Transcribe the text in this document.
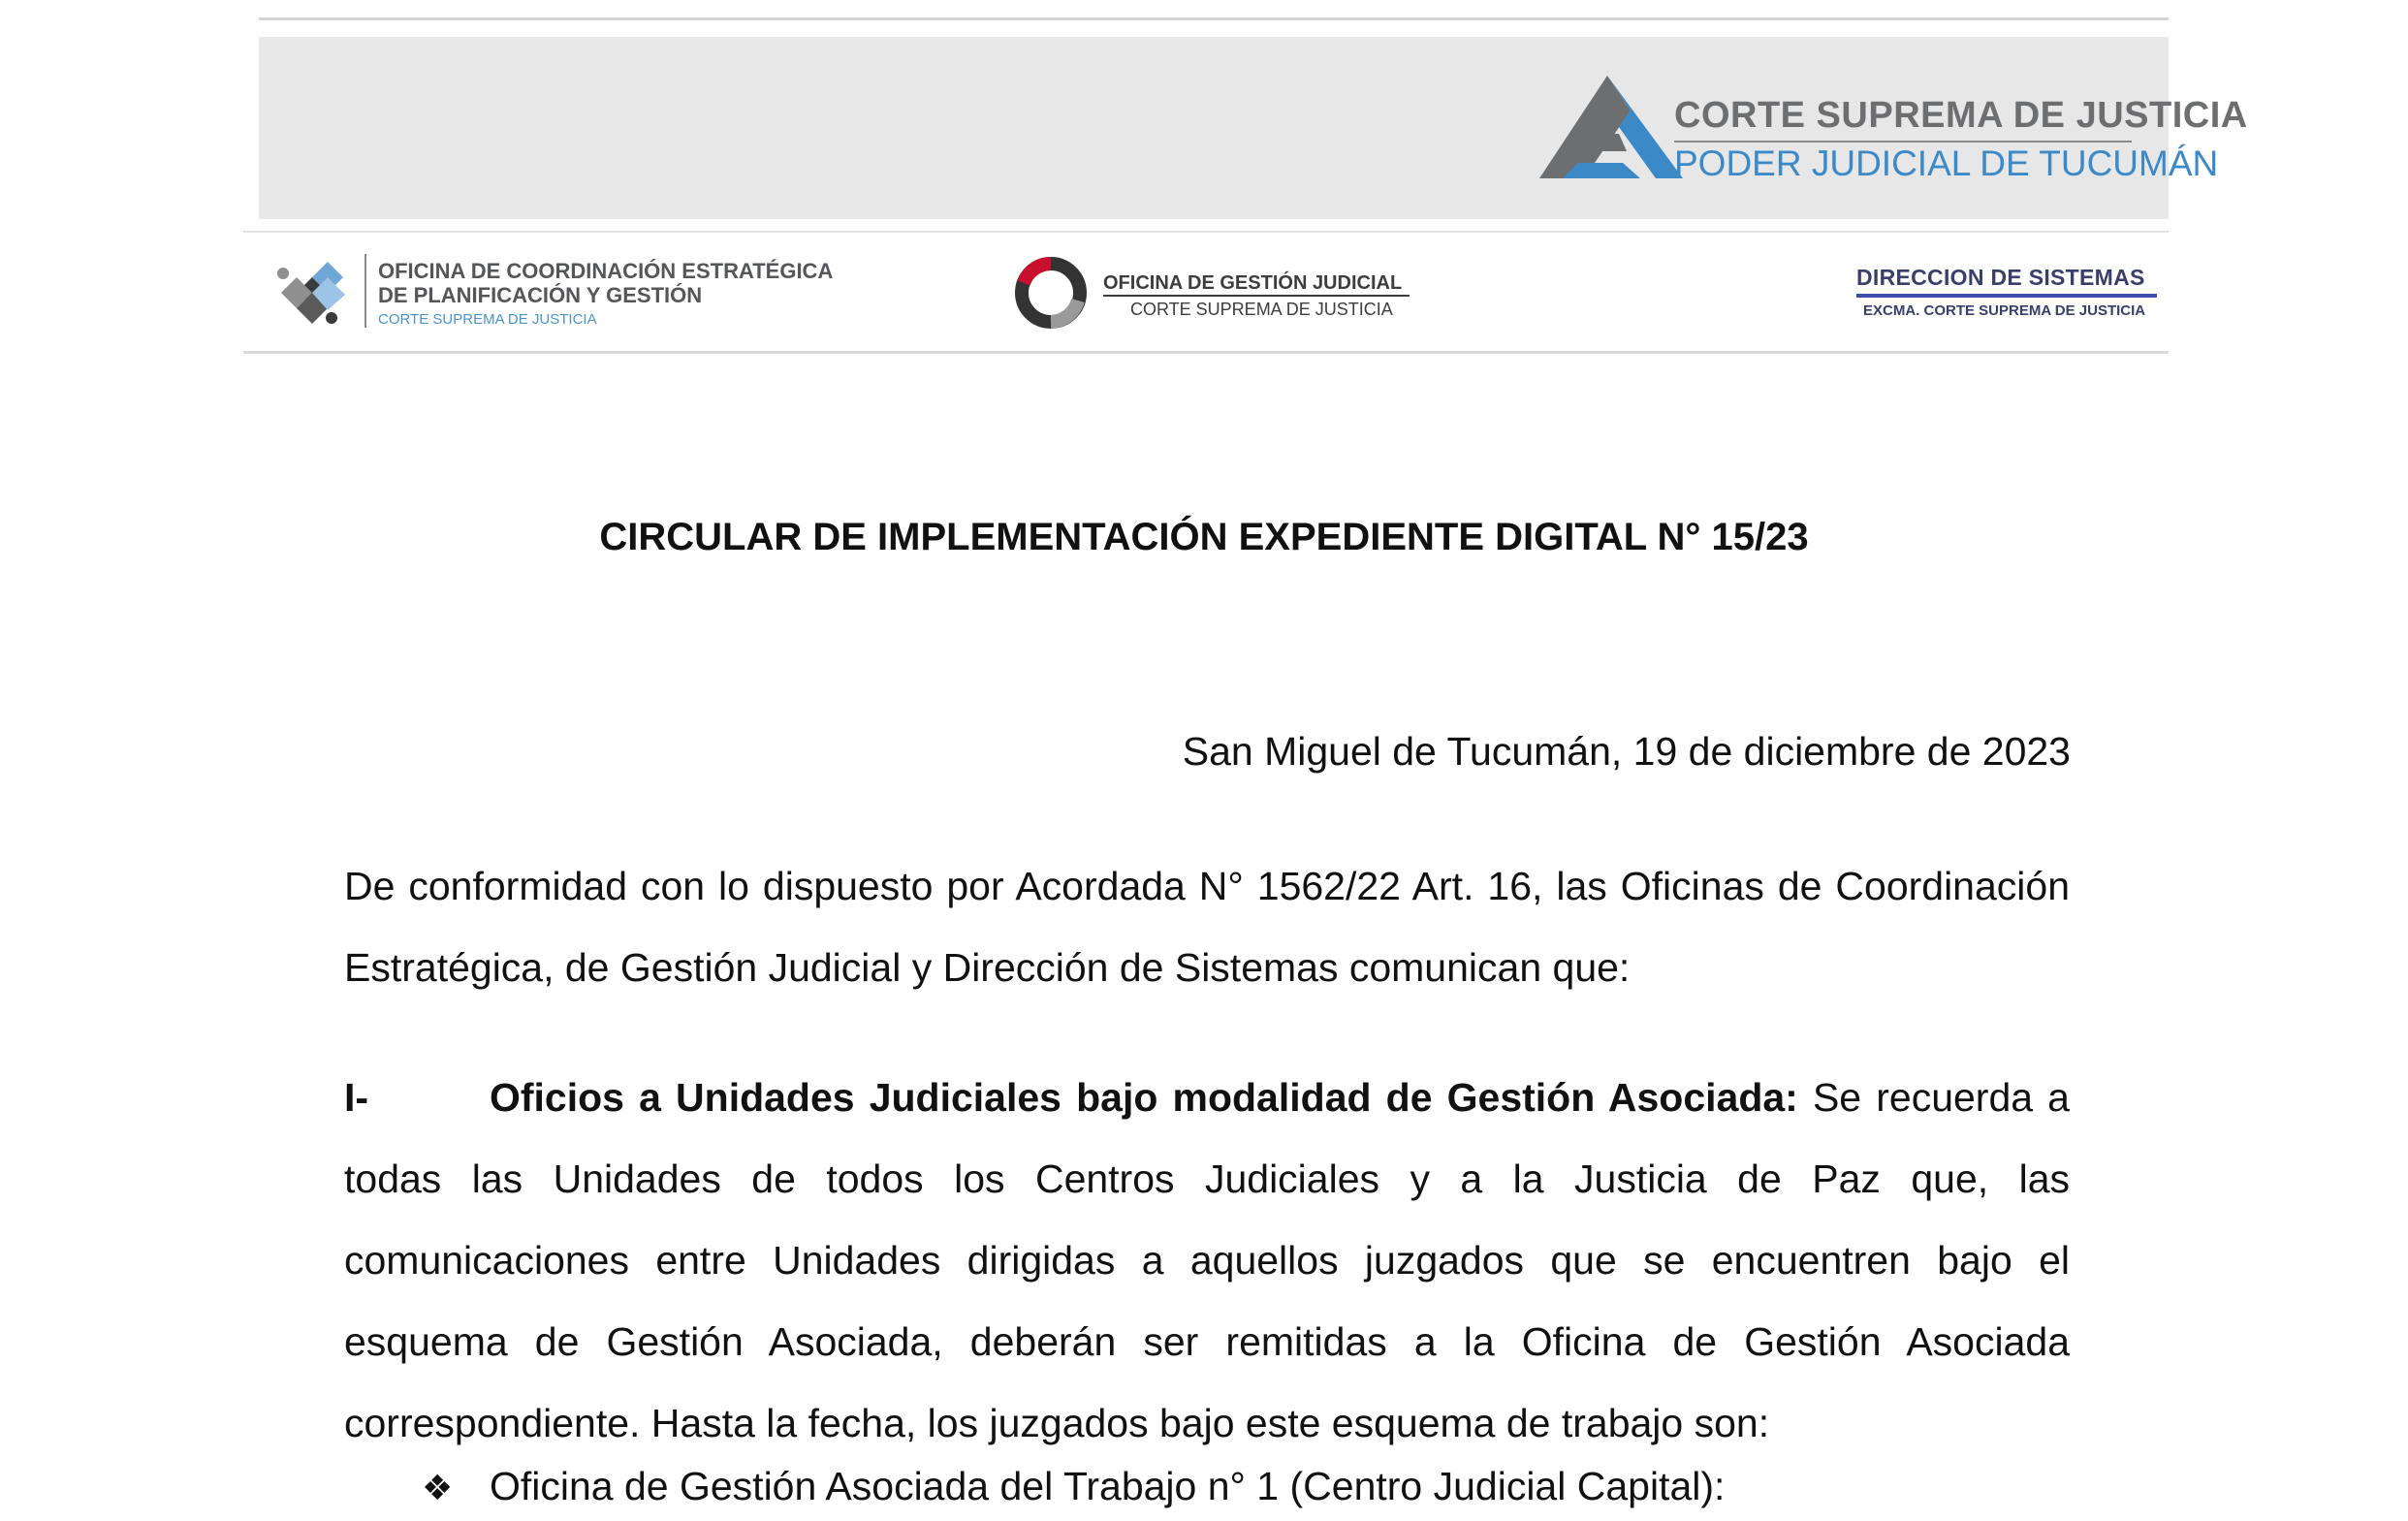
CORTE SUPREMA DE JUSTICIA
PODER JUDICIAL DE TUCUMÁN
OFICINA DE COORDINACIÓN ESTRATÉGICA
DE PLANIFICACIÓN Y GESTIÓN
CORTE SUPREMA DE JUSTICIA
OFICINA DE GESTIÓN JUDICIAL
CORTE SUPREMA DE JUSTICIA
DIRECCION DE SISTEMAS
EXCMA. CORTE SUPREMA DE JUSTICIA
CIRCULAR DE IMPLEMENTACIÓN EXPEDIENTE DIGITAL N° 15/23
San Miguel de Tucumán, 19 de diciembre de 2023
De conformidad con lo dispuesto por Acordada N° 1562/22 Art. 16, las Oficinas de Coordinación Estratégica, de Gestión Judicial y Dirección de Sistemas comunican que:
I-	Oficios a Unidades Judiciales bajo modalidad de Gestión Asociada: Se recuerda a todas las Unidades de todos los Centros Judiciales y a la Justicia de Paz que, las comunicaciones entre Unidades dirigidas a aquellos juzgados que se encuentren bajo el esquema de Gestión Asociada, deberán ser remitidas a la Oficina de Gestión Asociada correspondiente. Hasta la fecha, los juzgados bajo este esquema de trabajo son:
❖ Oficina de Gestión Asociada del Trabajo n° 1 (Centro Judicial Capital):
